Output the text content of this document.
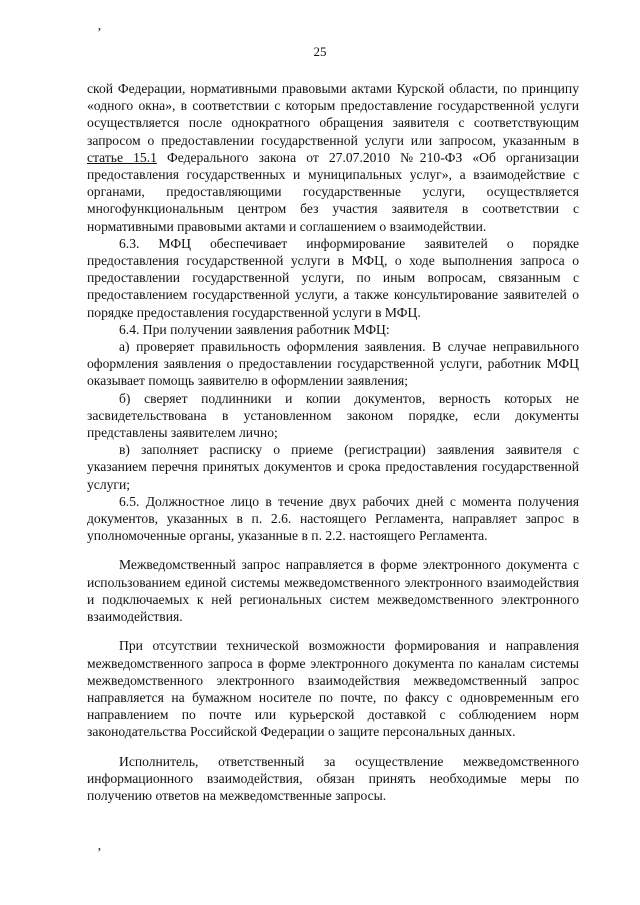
’
25

ской Федерации, нормативными правовыми актами Курской области, по принципу «одного окна», в соответствии с которым предоставление государственной услуги осуществляется после однократного обращения заявителя с соответствующим запросом о предоставлении государственной услуги или запросом, указанным в статье 15.1 Федерального закона от 27.07.2010 №210-ФЗ «Об организации предоставления государственных и муниципальных услуг», а взаимодействие с органами, предоставляющими государственные услуги, осуществляется многофункциональным центром без участия заявителя в соответствии с нормативными правовыми актами и соглашением о взаимодействии.

6.3. МФЦ обеспечивает информирование заявителей о порядке предоставления государственной услуги в МФЦ, о ходе выполнения запроса о предоставлении государственной услуги, по иным вопросам, связанным с предоставлением государственной услуги, а также консультирование заявителей о порядке предоставления государственной услуги в МФЦ.

6.4. При получении заявления работник МФЦ:

а) проверяет правильность оформления заявления. В случае неправильного оформления заявления о предоставлении государственной услуги, работник МФЦ оказывает помощь заявителю в оформлении заявления;

б) сверяет подлинники и копии документов, верность которых не засвидетельствована в установленном законом порядке, если документы представлены заявителем лично;

в) заполняет расписку о приеме (регистрации) заявления заявителя с указанием перечня принятых документов и срока предоставления государственной услуги;

6.5. Должностное лицо в течение двух рабочих дней с момента получения документов, указанных в п. 2.6. настоящего Регламента, направляет запрос в уполномоченные органы, указанные в п. 2.2. настоящего Регламента.

Межведомственный запрос направляется в форме электронного документа с использованием единой системы межведомственного электронного взаимодействия и подключаемых к ней региональных систем межведомственного электронного взаимодействия.

При отсутствии технической возможности формирования и направления межведомственного запроса в форме электронного документа по каналам системы межведомственного электронного взаимодействия межведомственный запрос направляется на бумажном носителе по почте, по факсу с одновременным его направлением по почте или курьерской доставкой с соблюдением норм законодательства Российской Федерации о защите персональных данных.

Исполнитель, ответственный за осуществление межведомственного информационного взаимодействия, обязан принять необходимые меры по получению ответов на межведомственные запросы.

’
